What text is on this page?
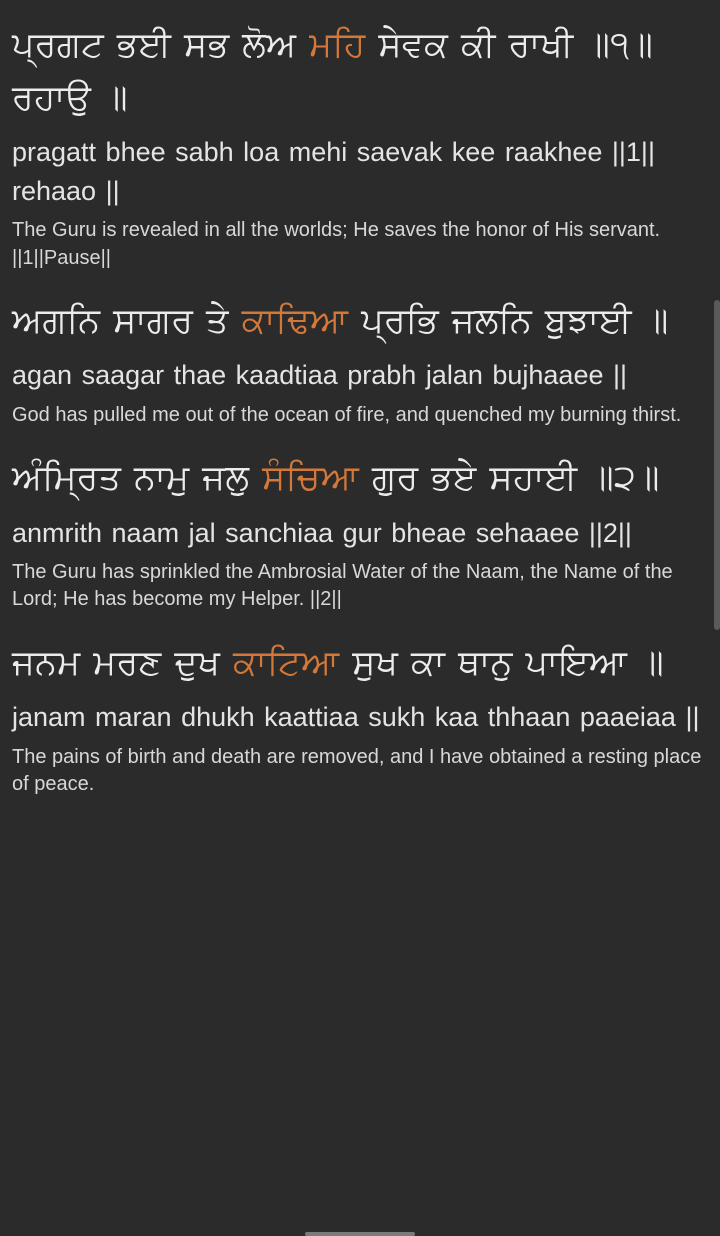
ਪ੍ਰਗਟ ਭਈ ਸਭ ਲੋਅ ਮਹਿ ਸੇਵਕ ਕੀ ਰਾਖੀ ॥੧॥ ਰਹਾਉ ॥
pragatt bhee sabh loa mehi saevak kee raakhee ||1|| rehaao ||
The Guru is revealed in all the worlds; He saves the honor of His servant. ||1||Pause||
ਅਗਨਿ ਸਾਗਰ ਤੇ ਕਾਢਿਆ ਪ੍ਰਭਿ ਜਲਨਿ ਬੁਝਾਈ ॥
agan saagar thae kaadtiaa prabh jalan bujhaaee ||
God has pulled me out of the ocean of fire, and quenched my burning thirst.
ਅੰਮ੍ਰਿਤ ਨਾਮੁ ਜਲੁ ਸੰਚਿਆ ਗੁਰ ਭਏ ਸਹਾਈ ॥੨॥
anmrith naam jal sanchiaa gur bheae sehaaee ||2||
The Guru has sprinkled the Ambrosial Water of the Naam, the Name of the Lord; He has become my Helper. ||2||
ਜਨਮ ਮਰਣ ਦੁਖ ਕਾਟਿਆ ਸੁਖ ਕਾ ਥਾਨੁ ਪਾਇਆ ॥
janam maran dhukh kaattiaa sukh kaa thhaan paaeiaa ||
The pains of birth and death are removed, and I have obtained a resting place of peace.
